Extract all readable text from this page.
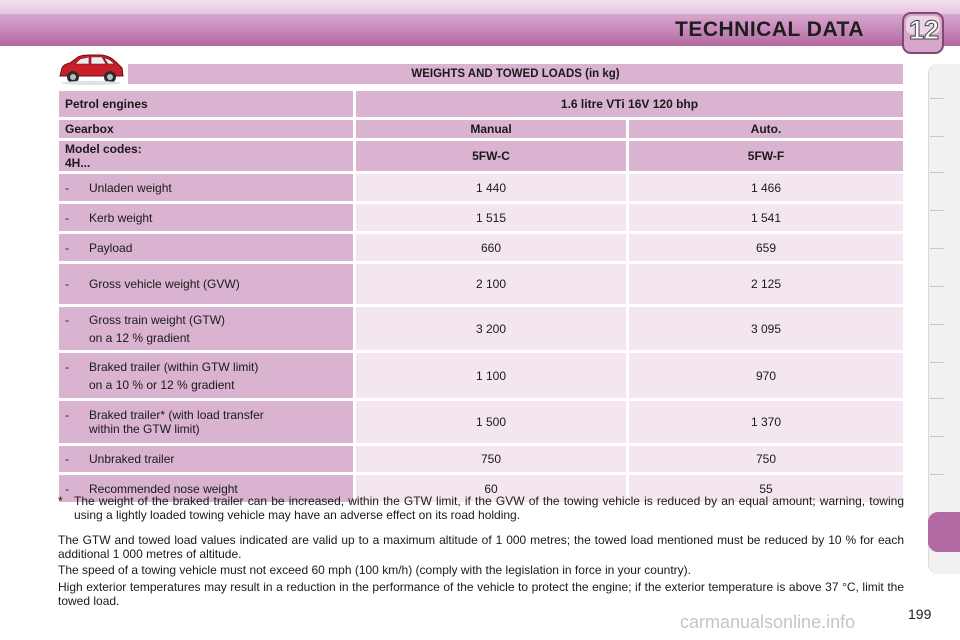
TECHNICAL DATA 12
WEIGHTS AND TOWED LOADS (in kg)
Petrol engines	1.6 litre VTi 16V 120 bhp	
Gearbox	Manual	Auto.

Model codes:
4H...	5FW-C	5FW-F
- Unladen weight	1 440	1 466
- Kerb weight	1 515	1 541
- Payload	660	659
- Gross vehicle weight (GVW)	2 100	2 125
- Gross train weight (GTW)
on a 12 % gradient	3 200	3 095
- Braked trailer (within GTW limit)
on a 10 % or 12 % gradient	1 100	970
- Braked trailer* (with load transfer
within the GTW limit)	1 500	1 370
- Unbraked trailer	750	750
- Recommended nose weight	60	55
* The weight of the braked trailer can be increased, within the GTW limit, if the GVW of the towing vehicle is reduced by an equal amount; warning, towing using a lightly loaded towing vehicle may have an adverse effect on its road holding.
The GTW and towed load values indicated are valid up to a maximum altitude of 1 000 metres; the towed load mentioned must be reduced by 10 % for each additional 1 000 metres of altitude.
The speed of a towing vehicle must not exceed 60 mph (100 km/h) (comply with the legislation in force in your country).
High exterior temperatures may result in a reduction in the performance of the vehicle to protect the engine; if the exterior temperature is above 37 °C, limit the towed load.
199
carmanualsonline.info
